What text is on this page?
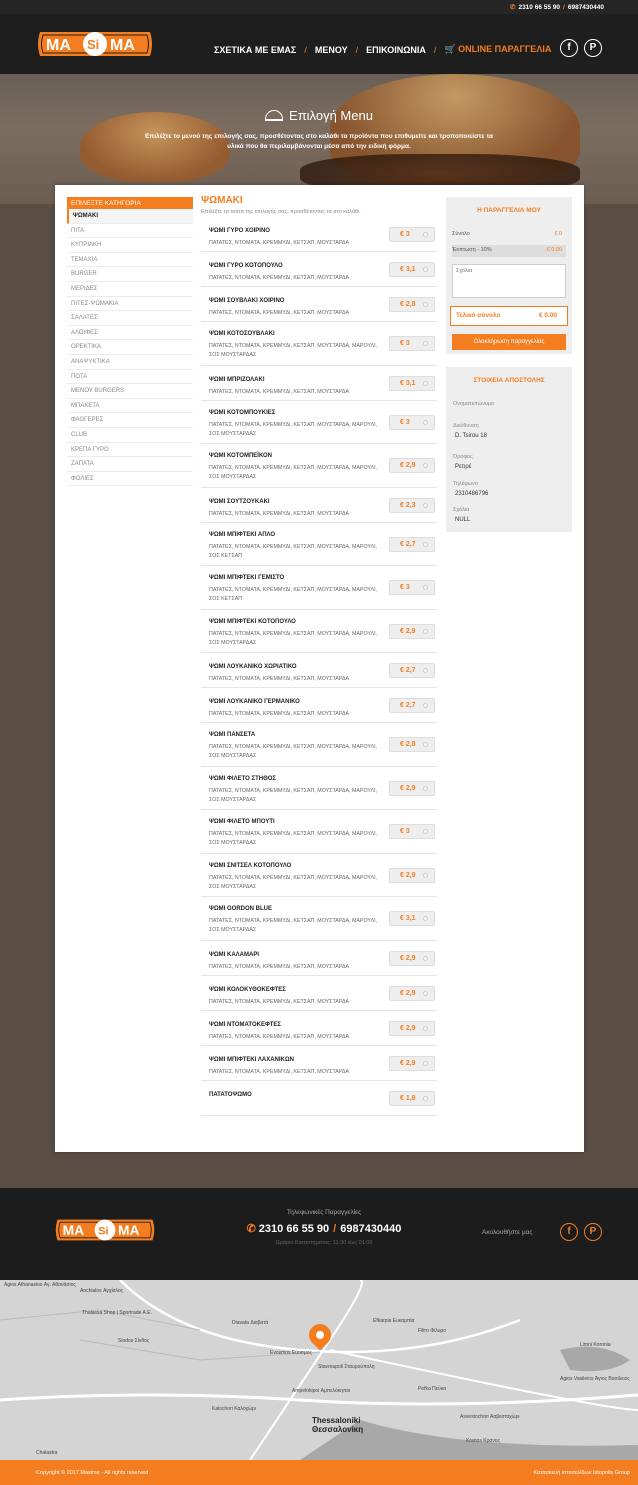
✆ 2310 66 55 90 / 6987430440
MA Si MA	ΣΧΕΤΙΚΑ ΜΕ ΕΜΑΣ / ΜΕΝΟΥ / ΕΠΙΚΟΙΝΩΝΙΑ / 🛒 ONLINE ΠΑΡΑΓΓΕΛΙΑ	f	P
Επιλογή Menu
Επιλέξτε το μενού της επιλογής σας, προσθέτοντας στο καλάθι τα προϊόντα που επιθυμείτε και τροποποιείστε τα υλικά που θα περιλαμβάνονται μέσα από την ειδική φόρμα.
ΕΠΙΛΕΞΤΕ ΚΑΤΗΓΟΡΙΑ
ΨΩΜΑΚΙ
ΠΙΤΑ
ΚΥΠΡΙΑΚΗ
ΤΕΜΑΧΙΑ
BURGER
ΜΕΡΙΔΕΣ
ΠΙΤΕΣ-ΨΩΜΑΚΙΑ
ΣΑΛΑΤΕΣ
ΑΛΟΙΦΕΣ
ΟΡΕΚΤΙΚΑ
ΑΝΑΨΥΚΤΙΚΑ
ΠΟΤΑ
ΜΕΝΟΥ BURGERS
ΜΠΑΚΕΤΑ
ΦΑΟΓΕΡΕΣ
CLUB
ΚΡΕΠΑ ΓΥΡΟ
ΖΑΠΑΤΑ
ΦΟΛΙΕΣ
ΨΩΜΑΚΙ
Επιλέξτε τα πιάτα της επιλογής σας, προσθέτοντας τα στο καλάθι.
ΨΩΜΙ ΓΥΡΟ ΧΟΙΡΙΝΟ
ΠΑΤΑΤΕΣ, ΝΤΟΜΑΤΑ, ΚΡΕΜΜΥΔΙ, ΚΕΤΣΑΠ, ΜΟΥΣΤΑΡΔΑ
€ 3
ΨΩΜΙ ΓΥΡΟ ΚΟΤΟΠΟΥΛΟ
ΠΑΤΑΤΕΣ, ΝΤΟΜΑΤΑ, ΚΡΕΜΜΥΔΙ, ΚΕΤΣΑΠ, ΜΟΥΣΤΑΡΔΑ
€ 3,1
ΨΩΜΙ ΣΟΥΒΛΑΚΙ ΧΟΙΡΙΝΟ
ΠΑΤΑΤΕΣ, ΝΤΟΜΑΤΑ, ΚΡΕΜΜΥΔΙ, ΚΕΤΣΑΠ, ΜΟΥΣΤΑΡΔΑ
€ 2,8
ΨΩΜΙ ΚΟΤΟΣΟΥΒΛΑΚΙ
ΠΑΤΑΤΕΣ, ΝΤΟΜΑΤΑ, ΚΡΕΜΜΥΔΙ, ΚΕΤΣΑΠ, ΜΟΥΣΤΑΡΔΑ, ΜΑΡΟΥΛΙ, ΣΟΣ ΜΟΥΣΤΑΡΔΑΣ
€ 3
ΨΩΜΙ ΜΠΡΙΖΟΛΑΚΙ
ΠΑΤΑΤΕΣ, ΝΤΟΜΑΤΑ, ΚΡΕΜΜΥΔΙ, ΚΕΤΣΑΠ, ΜΟΥΣΤΑΡΔΑ
€ 3,1
ΨΩΜΙ ΚΟΤΟΜΠΟΥΚΙΕΣ
ΠΑΤΑΤΕΣ, ΝΤΟΜΑΤΑ, ΚΡΕΜΜΥΔΙ, ΚΕΤΣΑΠ, ΜΟΥΣΤΑΡΔΑ, ΜΑΡΟΥΛΙ, ΣΟΣ ΜΟΥΣΤΑΡΔΑΣ
€ 3
ΨΩΜΙ ΚΟΤΟΜΠΕΪΚΟΝ
ΠΑΤΑΤΕΣ, ΝΤΟΜΑΤΑ, ΚΡΕΜΜΥΔΙ, ΚΕΤΣΑΠ, ΜΟΥΣΤΑΡΔΑ, ΜΑΡΟΥΛΙ, ΣΟΣ ΜΟΥΣΤΑΡΔΑΣ
€ 2,9
ΨΩΜΙ ΣΟΥΤΖΟΥΚΑΚΙ
ΠΑΤΑΤΕΣ, ΝΤΟΜΑΤΑ, ΚΡΕΜΜΥΔΙ, ΚΕΤΣΑΠ, ΜΟΥΣΤΑΡΔΑ
€ 2,3
ΨΩΜΙ ΜΠΙΦΤΕΚΙ ΑΠΛΟ
ΠΑΤΑΤΕΣ, ΝΤΟΜΑΤΑ, ΚΡΕΜΜΥΔΙ, ΚΕΤΣΑΠ, ΜΟΥΣΤΑΡΔΑ, ΜΑΡΟΥΛΙ, ΣΟΣ ΚΕΤΣΑΠ
€ 2,7
ΨΩΜΙ ΜΠΙΦΤΕΚΙ ΓΕΜΙΣΤΟ
ΠΑΤΑΤΕΣ, ΝΤΟΜΑΤΑ, ΚΡΕΜΜΥΔΙ, ΚΕΤΣΑΠ, ΜΟΥΣΤΑΡΔΑ, ΜΑΡΟΥΛΙ, ΣΟΣ ΚΕΤΣΑΠ
€ 3
ΨΩΜΙ ΜΠΙΦΤΕΚΙ ΚΟΤΟΠΟΥΛΟ
ΠΑΤΑΤΕΣ, ΝΤΟΜΑΤΑ, ΚΡΕΜΜΥΔΙ, ΚΕΤΣΑΠ, ΜΟΥΣΤΑΡΔΑ, ΜΑΡΟΥΛΙ, ΣΟΣ ΜΟΥΣΤΑΡΔΑΣ
€ 2,9
ΨΩΜΙ ΛΟΥΚΑΝΙΚΟ ΧΩΡΙΑΤΙΚΟ
ΠΑΤΑΤΕΣ, ΝΤΟΜΑΤΑ, ΚΡΕΜΜΥΔΙ, ΚΕΤΣΑΠ, ΜΟΥΣΤΑΡΔΑ
€ 2,7
ΨΩΜΙ ΛΟΥΚΑΝΙΚΟ ΓΕΡΜΑΝΙΚΟ
ΠΑΤΑΤΕΣ, ΝΤΟΜΑΤΑ, ΚΡΕΜΜΥΔΙ, ΚΕΤΣΑΠ, ΜΟΥΣΤΑΡΔΑ
€ 2,7
ΨΩΜΙ ΠΑΝΣΕΤΑ
ΠΑΤΑΤΕΣ, ΝΤΟΜΑΤΑ, ΚΡΕΜΜΥΔΙ, ΚΕΤΣΑΠ, ΜΟΥΣΤΑΡΔΑ, ΜΑΡΟΥΛΙ, ΣΟΣ ΜΟΥΣΤΑΡΔΑΣ
€ 2,8
ΨΩΜΙ ΦΙΛΕΤΟ ΣΤΗΘΟΣ
ΠΑΤΑΤΕΣ, ΝΤΟΜΑΤΑ, ΚΡΕΜΜΥΔΙ, ΚΕΤΣΑΠ, ΜΟΥΣΤΑΡΔΑ, ΜΑΡΟΥΛΙ, ΣΟΣ ΜΟΥΣΤΑΡΔΑΣ
€ 2,9
ΨΩΜΙ ΦΙΛΕΤΟ ΜΠΟΥΤΙ
ΠΑΤΑΤΕΣ, ΝΤΟΜΑΤΑ, ΚΡΕΜΜΥΔΙ, ΚΕΤΣΑΠ, ΜΟΥΣΤΑΡΔΑ, ΜΑΡΟΥΛΙ, ΣΟΣ ΜΟΥΣΤΑΡΔΑΣ
€ 3
ΨΩΜΙ ΣΝΙΤΣΕΛ ΚΟΤΟΠΟΥΛΟ
ΠΑΤΑΤΕΣ, ΝΤΟΜΑΤΑ, ΚΡΕΜΜΥΔΙ, ΚΕΤΣΑΠ, ΜΟΥΣΤΑΡΔΑ, ΜΑΡΟΥΛΙ, ΣΟΣ ΜΟΥΣΤΑΡΔΑΣ
€ 2,9
ΨΩΜΙ GORDON BLUE
ΠΑΤΑΤΕΣ, ΝΤΟΜΑΤΑ, ΚΡΕΜΜΥΔΙ, ΚΕΤΣΑΠ, ΜΟΥΣΤΑΡΔΑ, ΜΑΡΟΥΛΙ, ΣΟΣ ΜΟΥΣΤΑΡΔΑΣ
€ 3,1
ΨΩΜΙ ΚΑΛΑΜΑΡΙ
ΠΑΤΑΤΕΣ, ΝΤΟΜΑΤΑ, ΚΡΕΜΜΥΔΙ, ΚΕΤΣΑΠ, ΜΟΥΣΤΑΡΔΑ
€ 2,9
ΨΩΜΙ ΚΟΛΟΚΥΘΟΚΕΦΤΕΣ
ΠΑΤΑΤΕΣ, ΝΤΟΜΑΤΑ, ΚΡΕΜΜΥΔΙ, ΚΕΤΣΑΠ, ΜΟΥΣΤΑΡΔΑ
€ 2,9
ΨΩΜΙ ΝΤΟΜΑΤΟΚΕΦΤΕΣ
ΠΑΤΑΤΕΣ, ΝΤΟΜΑΤΑ, ΚΡΕΜΜΥΔΙ, ΚΕΤΣΑΠ, ΜΟΥΣΤΑΡΔΑ
€ 2,9
ΨΩΜΙ ΜΠΙΦΤΕΚΙ ΛΑΧΑΝΙΚΩΝ
ΠΑΤΑΤΕΣ, ΝΤΟΜΑΤΑ, ΚΡΕΜΜΥΔΙ, ΚΕΤΣΑΠ, ΜΟΥΣΤΑΡΔΑ
€ 2,9
ΠΑΤΑΤΟΨΩΜΟ	€ 1,8
Η ΠΑΡΑΓΓΕΛΙΑ ΜΟΥ
Σύνολο	€ 0
Έκπτωση - 10%	€ 0.00
Σχόλια
Τελικό σύνολο	€ 0.00
Ολοκλήρωση παραγγελίας
ΣΤΟΙΧΕΙΑ ΑΠΟΣΤΟΛΗΣ
Ονοματεπώνυμο
Διεύθυνση
D. Tsirou 18
Όροφος
Ρετιρέ
Τηλέφωνο
2310486796
Σχόλια
NULL
MA Si MA
Τηλεφωνικές Παραγγελίες
✆ 2310 66 55 90 / 6987430440
Ωράριο Καταστήματος: 11:30 έως 01:00
Ακολουθήστε μας	f	P
Agios Athanasios Αγ. Αθανάσιος
Anchialos Αγχίαλος
Thalassa Shop | Sportrade A.E.
Sindos Σίνδος
Diavata Διαβατά	Efkarpia Ευκαρπία
Filiro Φίλυρο
Evosmos Εύοσμος
Stavroupoli Σταυρούπολη
Ampelokipoi Αμπελόκηποι
Kalochori Καλοχώρι
Pefka Πεύκα
Asvestochori Ασβεστοχώρι
Chalastra
Kranos Κρανος
Limni Koronia
Agios Vasileios Άγιος Βασίλειος
Thessaloniki Θεσσαλονίκη
Copyright © 2017 Masime - All rights reserved	Κατασκευή ιστοσελίδων Istopolis Group
